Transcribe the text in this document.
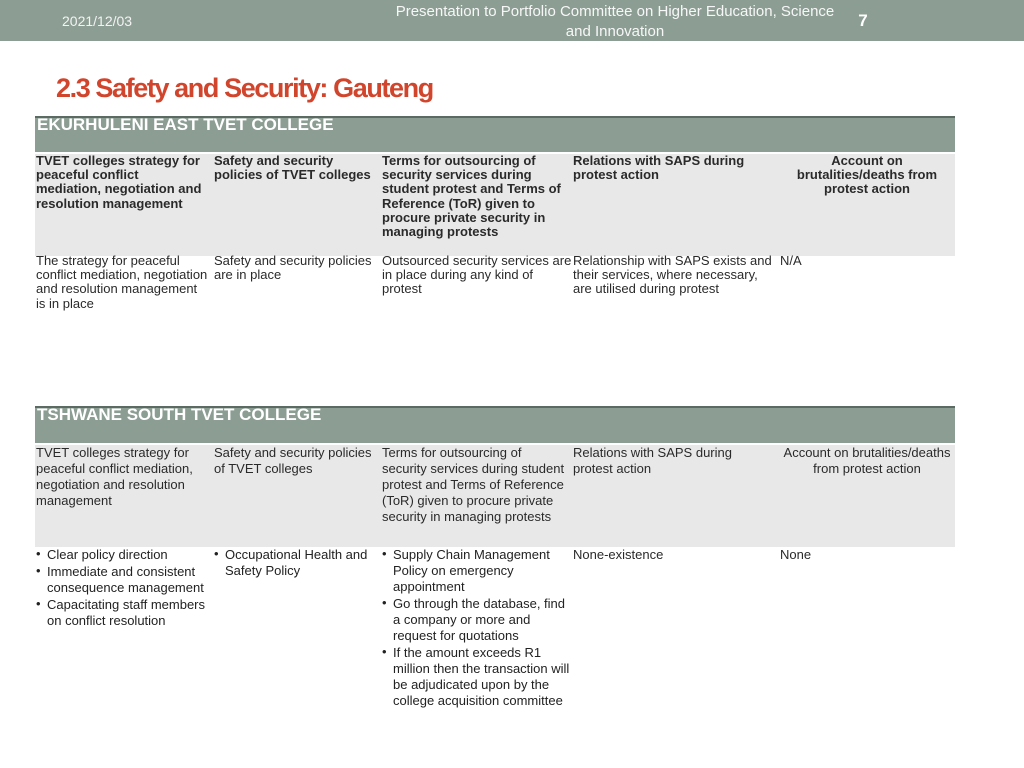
2021/12/03
Presentation to Portfolio Committee on Higher Education, Science and Innovation
7
2.3 Safety and Security: Gauteng
EKURHULENI EAST TVET COLLEGE
TVET colleges strategy for peaceful conflict mediation, negotiation and resolution management
Safety and security policies of TVET colleges
Terms for outsourcing of security services during student protest and Terms of Reference (ToR) given to procure private security in managing protests
Relations with SAPS during protest action
Account on brutalities/deaths from protest action
The strategy for peaceful conflict mediation, negotiation and resolution management is in place
Safety and security policies are in place
Outsourced security services are in place during any kind of protest
Relationship with SAPS exists and their services, where necessary, are utilised during protest
N/A
TSHWANE SOUTH TVET COLLEGE
TVET colleges strategy for peaceful conflict mediation, negotiation and resolution management
Safety and security policies of TVET colleges
Terms for outsourcing of security services during student protest and Terms of Reference (ToR) given to procure private security in managing protests
Relations with SAPS during protest action
Account on brutalities/deaths from protest action
• Clear policy direction
• Immediate and consistent consequence management
• Capacitating staff members on conflict resolution
• Occupational Health and Safety Policy
• Supply Chain Management Policy on emergency appointment
• Go through the database, find a company or more and request for quotations
• If the amount exceeds R1 million then the transaction will be adjudicated upon by the college acquisition committee
None-existence	None
